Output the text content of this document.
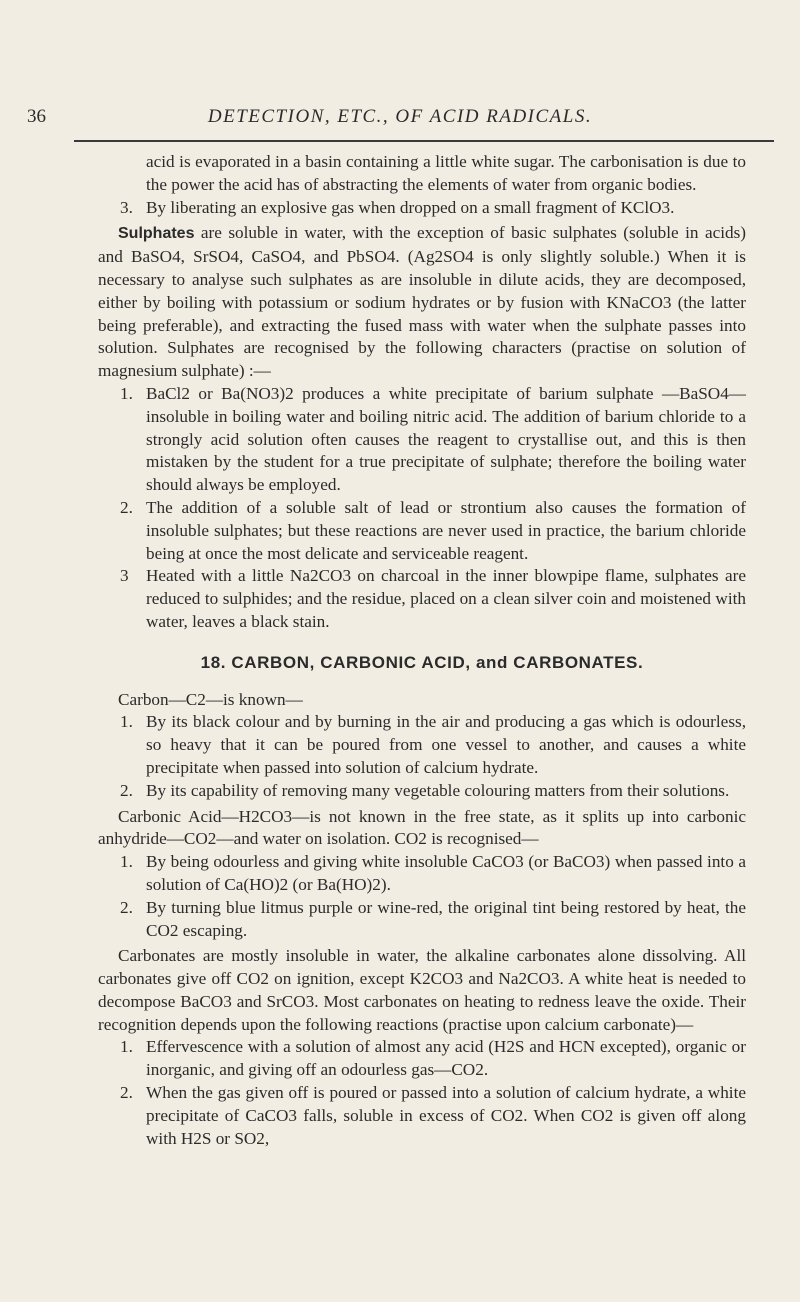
36	DETECTION, ETC., OF ACID RADICALS.

acid is evaporated in a basin containing a little white sugar. The carbonisation is due to the power the acid has of abstracting the elements of water from organic bodies.

3. By liberating an explosive gas when dropped on a small fragment of KClO3.

Sulphates are soluble in water, with the exception of basic sulphates (soluble in acids) and BaSO4, SrSO4, CaSO4, and PbSO4. (Ag2SO4 is only slightly soluble.) When it is necessary to analyse such sulphates as are insoluble in dilute acids, they are decomposed, either by boiling with potassium or sodium hydrates or by fusion with KNaCO3 (the latter being preferable), and extracting the fused mass with water when the sulphate passes into solution. Sulphates are recognised by the following characters (practise on solution of magnesium sulphate) :—

1. BaCl2 or Ba(NO3)2 produces a white precipitate of barium sulphate —BaSO4—insoluble in boiling water and boiling nitric acid. The addition of barium chloride to a strongly acid solution often causes the reagent to crystallise out, and this is then mistaken by the student for a true precipitate of sulphate; therefore the boiling water should always be employed.
2. The addition of a soluble salt of lead or strontium also causes the formation of insoluble sulphates; but these reactions are never used in practice, the barium chloride being at once the most delicate and serviceable reagent.
3 Heated with a little Na2CO3 on charcoal in the inner blowpipe flame, sulphates are reduced to sulphides; and the residue, placed on a clean silver coin and moistened with water, leaves a black stain.
18. CARBON, CARBONIC ACID, and CARBONATES.

Carbon—C2—is known—

1. By its black colour and by burning in the air and producing a gas which is odourless, so heavy that it can be poured from one vessel to another, and causes a white precipitate when passed into solution of calcium hydrate.
2. By its capability of removing many vegetable colouring matters from their solutions.

Carbonic Acid—H2CO3—is not known in the free state, as it splits up into carbonic anhydride—CO2—and water on isolation. CO2 is recognised—

1. By being odourless and giving white insoluble CaCO3 (or BaCO3) when passed into a solution of Ca(HO)2 (or Ba(HO)2).
2. By turning blue litmus purple or wine-red, the original tint being restored by heat, the CO2 escaping.

Carbonates are mostly insoluble in water, the alkaline carbonates alone dissolving. All carbonates give off CO2 on ignition, except K2CO3 and Na2CO3. A white heat is needed to decompose BaCO3 and SrCO3. Most carbonates on heating to redness leave the oxide. Their recognition depends upon the following reactions (practise upon calcium carbonate)—

1. Effervescence with a solution of almost any acid (H2S and HCN excepted), organic or inorganic, and giving off an odourless gas—CO2.
2. When the gas given off is poured or passed into a solution of calcium hydrate, a white precipitate of CaCO3 falls, soluble in excess of CO2. When CO2 is given off along with H2S or SO2,
